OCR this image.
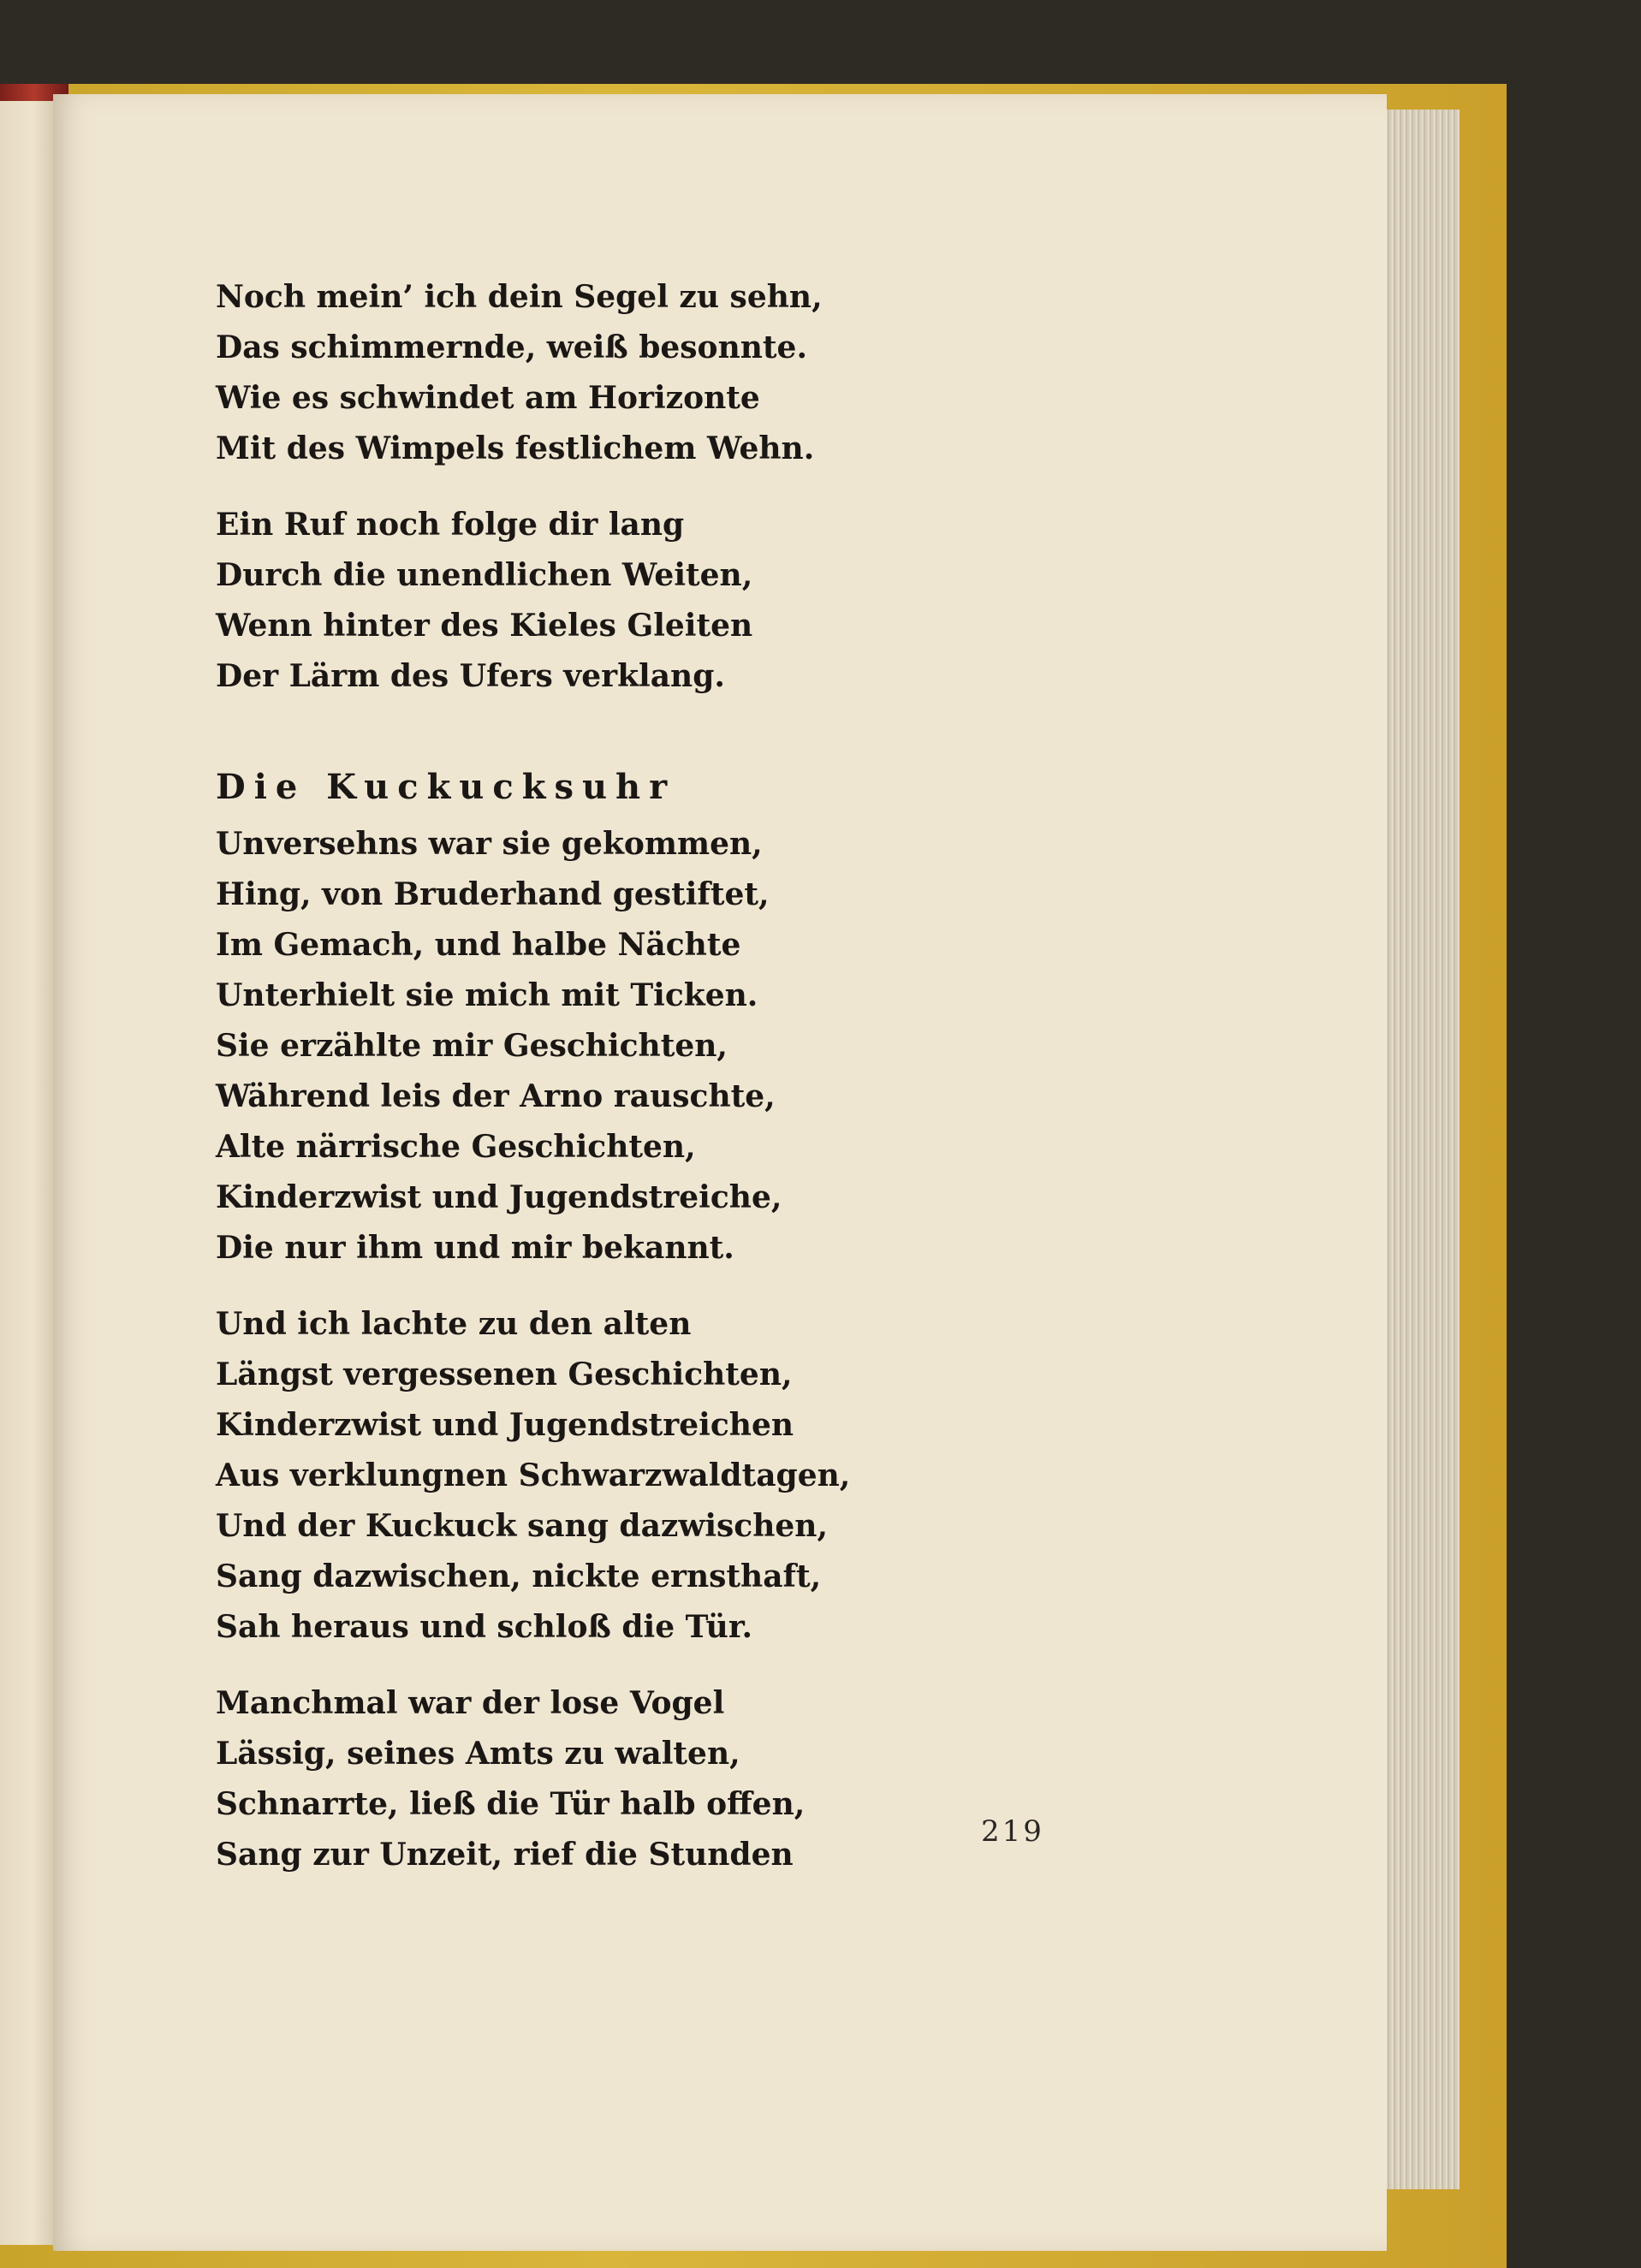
Noch mein’ ich dein Segel zu sehn,
Das schimmernde, weiß besonnte.
Wie es schwindet am Horizonte
Mit des Wimpels festlichem Wehn.
Ein Ruf noch folge dir lang
Durch die unendlichen Weiten,
Wenn hinter des Kieles Gleiten
Der Lärm des Ufers verklang.
Die Kuckucksuhr
Unversehns war sie gekommen,
Hing, von Bruderhand gestiftet,
Im Gemach, und halbe Nächte
Unterhielt sie mich mit Ticken.
Sie erzählte mir Geschichten,
Während leis der Arno rauschte,
Alte närrische Geschichten,
Kinderzwist und Jugendstreiche,
Die nur ihm und mir bekannt.
Und ich lachte zu den alten
Längst vergessenen Geschichten,
Kinderzwist und Jugendstreichen
Aus verklungnen Schwarzwaldtagen,
Und der Kuckuck sang dazwischen,
Sang dazwischen, nickte ernsthaft,
Sah heraus und schloß die Tür.
Manchmal war der lose Vogel
Lässig, seines Amts zu walten,
Schnarrte, ließ die Tür halb offen,
Sang zur Unzeit, rief die Stunden
219
